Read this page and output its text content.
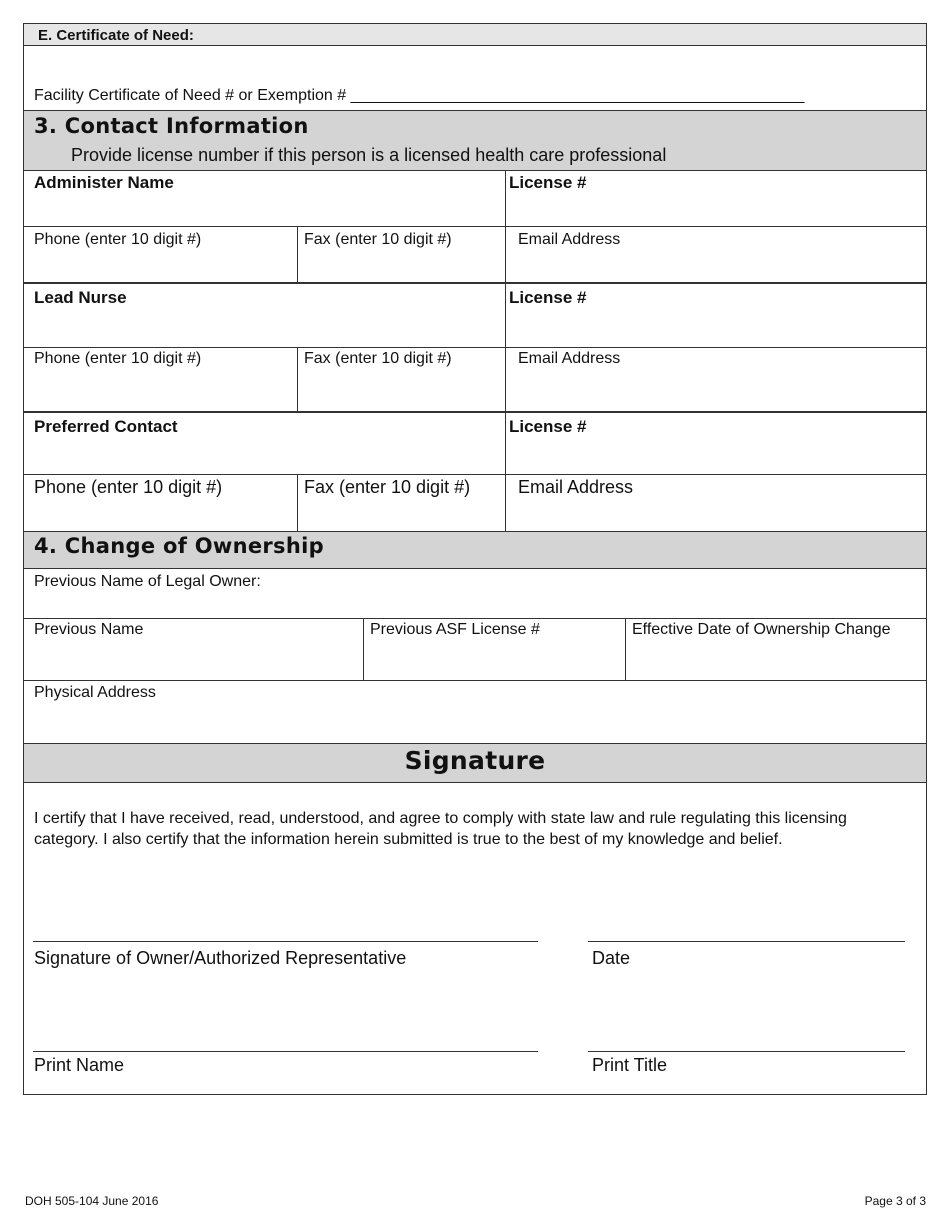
E. Certificate of Need:
Facility Certificate of Need # or Exemption # ___________________________________________________
3. Contact Information
Provide license number if this person is a licensed health care professional
Administer Name	License #
Phone (enter 10 digit #)	Fax (enter 10 digit #)	Email Address
Lead Nurse	License #
Phone (enter 10 digit #)	Fax (enter 10 digit #)	Email Address
Preferred Contact	License #
Phone (enter 10 digit #)	Fax (enter 10 digit #)	Email Address
4. Change of Ownership
Previous Name of Legal Owner:
Previous Name	Previous ASF License #	Effective Date of Ownership Change
Physical Address
Signature
I certify that I have received, read, understood, and agree to comply with state law and rule regulating this licensing
category. I also certify that the information herein submitted is true to the best of my knowledge and belief.
Signature of Owner/Authorized Representative	Date
Print Name	Print Title
DOH 505-104 June 2016	Page 3 of 3
